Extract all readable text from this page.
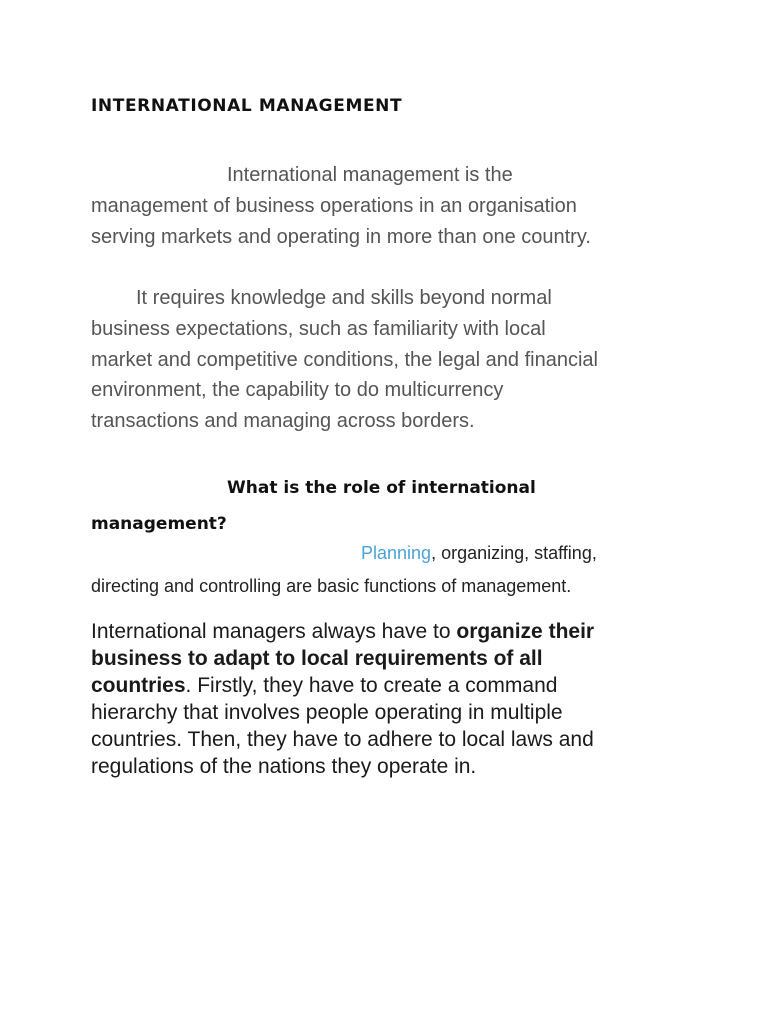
INTERNATIONAL MANAGEMENT

International management is the
management of business operations in an organisation
serving markets and operating in more than one country.

It requires knowledge and skills beyond normal
business expectations, such as familiarity with local
market and competitive conditions, the legal and financial
environment, the capability to do multicurrency
transactions and managing across borders.

What is the role of international
management?

Planning, organizing, staffing,
directing and controlling are basic functions of management.

International managers always have to organize their
business to adapt to local requirements of all
countries. Firstly, they have to create a command
hierarchy that involves people operating in multiple
countries. Then, they have to adhere to local laws and
regulations of the nations they operate in.
